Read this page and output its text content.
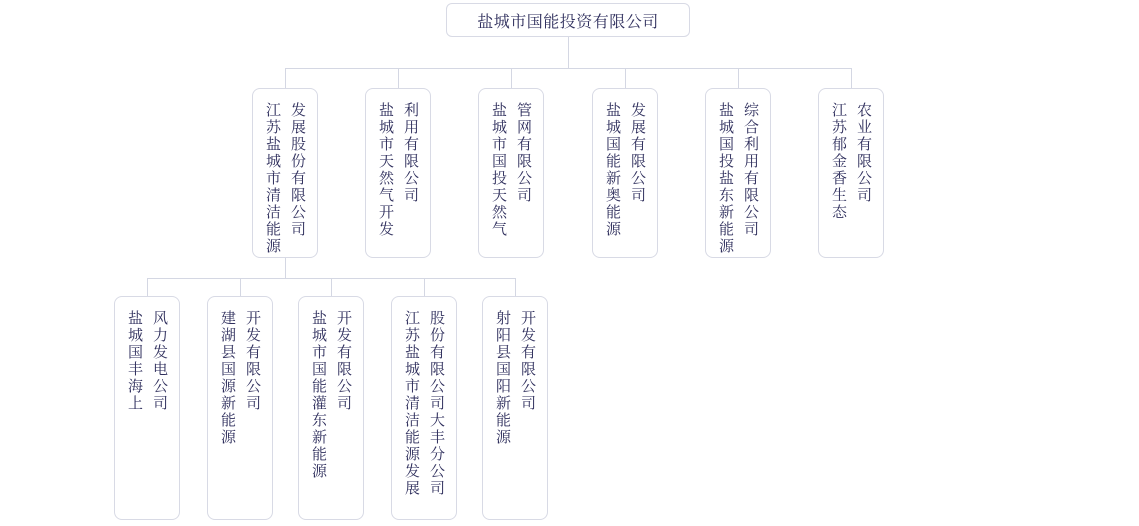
盐城市国能投资有限公司
江苏盐城市清洁能源 发展股份有限公司	盐城市天然气开发 利用有限公司	盐城市国投天然气 管网有限公司	盐城国能新奥能源 发展有限公司	盐城国投盐东新能源 综合利用有限公司	江苏郁金香生态 农业有限公司
盐城国丰海上 风力发电公司	建湖县国源新能源 开发有限公司	盐城市国能灌东新能源 开发有限公司	江苏盐城市清洁能源发展 股份有限公司大丰分公司	射阳县国阳新能源 开发有限公司
